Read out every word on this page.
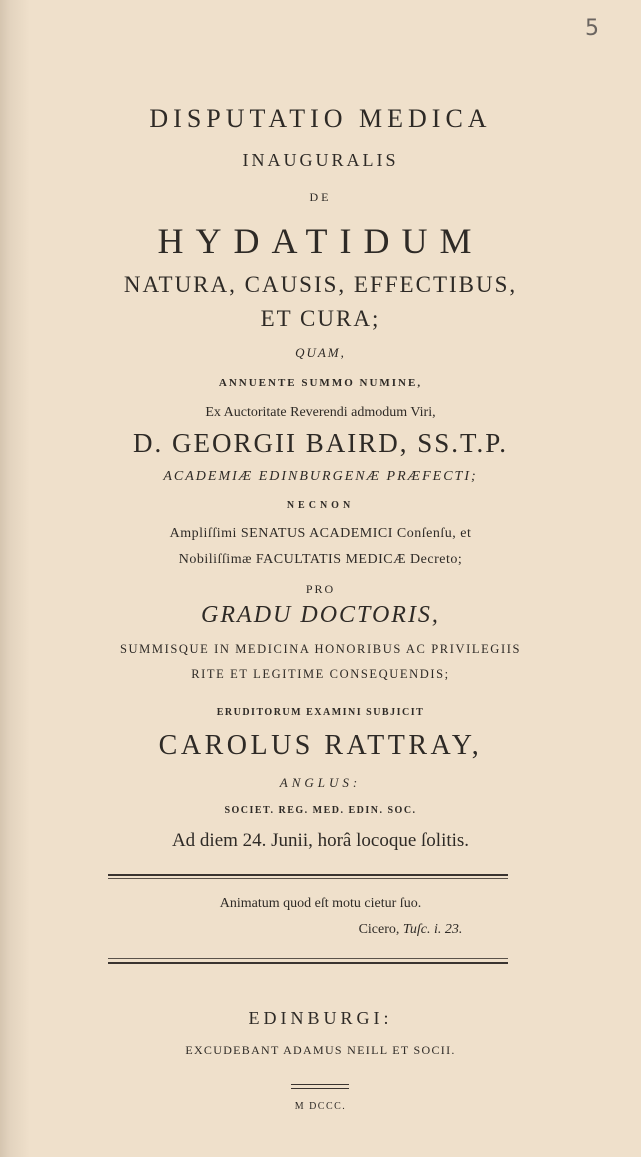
5
DISPUTATIO MEDICA
INAUGURALIS
DE
HYDATIDUM
NATURA, CAUSIS, EFFECTIBUS,
ET CURA;
QUAM,
ANNUENTE SUMMO NUMINE,
Ex Auctoritate Reverendi admodum Viri,
D. GEORGII BAIRD, SS.T.P.
ACADEMIÆ EDINBURGENÆ PRÆFECTI;
NECNON
Ampliſſimi SENATUS ACADEMICI Conſenſu, et
Nobiliſſimæ FACULTATIS MEDICÆ Decreto;
PRO
GRADU DOCTORIS,
SUMMISQUE IN MEDICINA HONORIBUS AC PRIVILEGIIS
RITE ET LEGITIME CONSEQUENDIS;
ERUDITORUM EXAMINI SUBJICIT
CAROLUS RATTRAY,
ANGLUS:
SOCIET. REG. MED. EDIN. SOC.
Ad diem 24. Junii, horâ locoque ſolitis.
Animatum quod eſt motu cietur ſuo.
Cicero, Tuſc. i. 23.
EDINBURGI:
EXCUDEBANT ADAMUS NEILL ET SOCII.
M DCCC.
